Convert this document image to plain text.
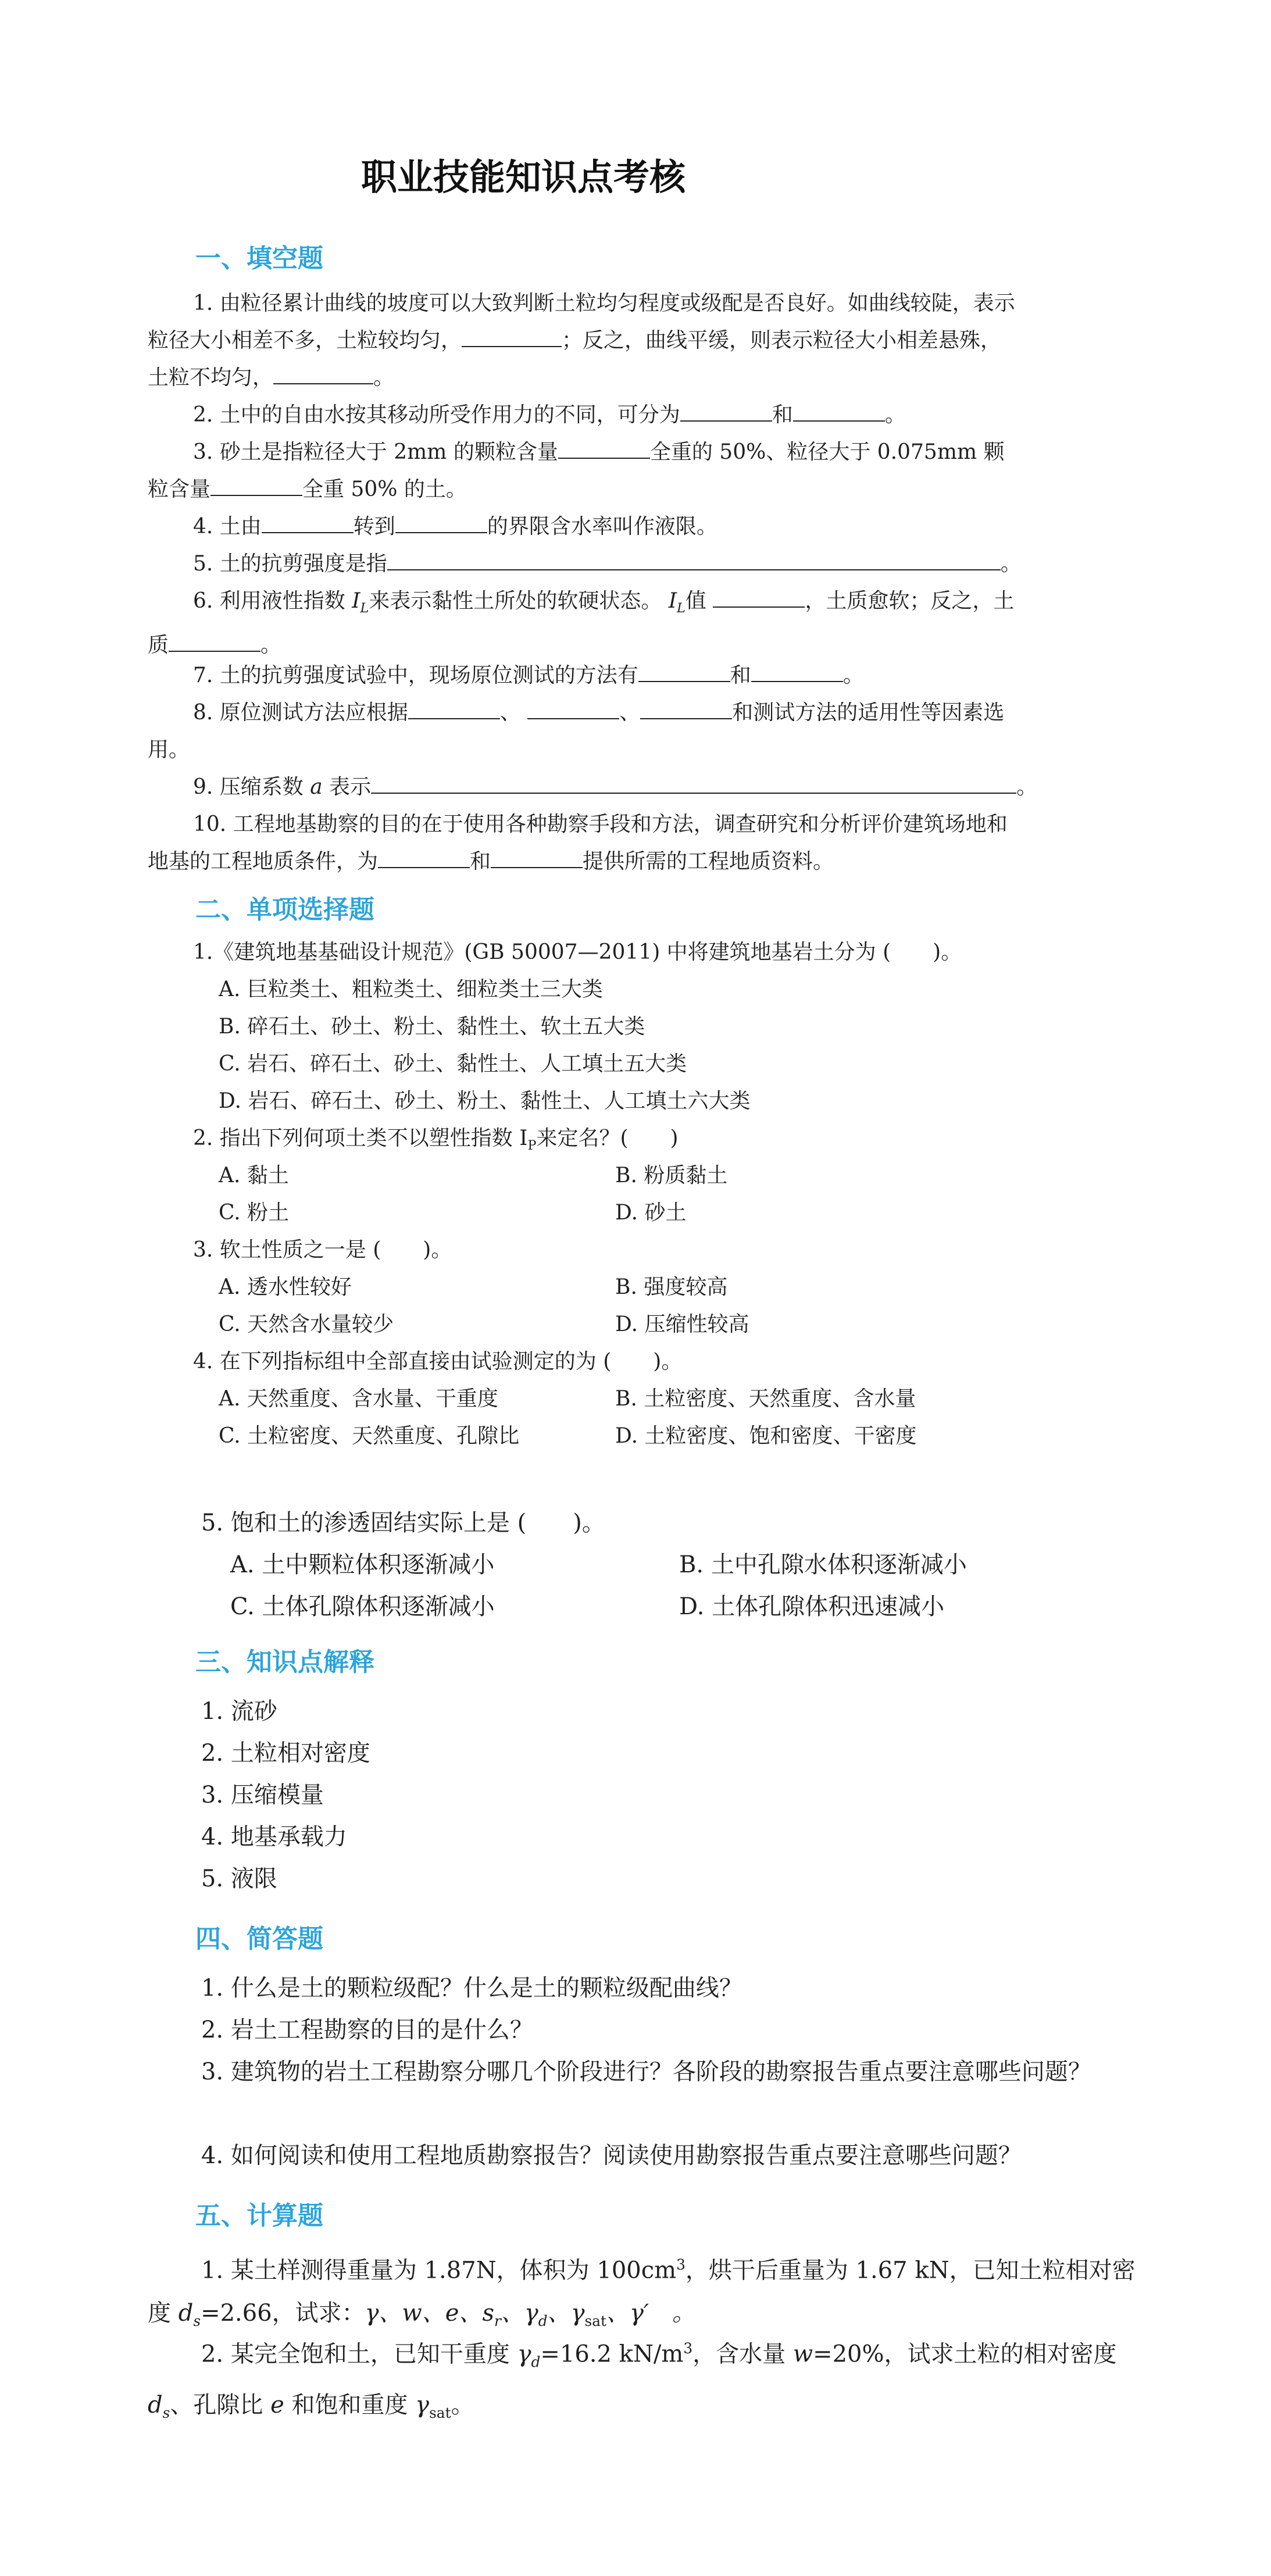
职业技能知识点考核
一、填空题
1. 由粒径累计曲线的坡度可以大致判断土粒均匀程度或级配是否良好。如曲线较陡，表示粒径大小相差不多，土粒较均匀，	；反之，曲线平缓，则表示粒径大小相差悬殊，土粒不均匀，	。
2. 土中的自由水按其移动所受作用力的不同，可分为	和	。
3. 砂土是指粒径大于 2mm 的颗粒含量	全重的 50%、粒径大于 0.075mm 颗粒含量	全重 50% 的土。
4. 土由	转到	的界限含水率叫作液限。
5. 土的抗剪强度是指	。
6. 利用液性指数 $I_L$来表示黏性土所处的软硬状态。 $I_L$值	，土质愈软；反之，土质	。
7. 土的抗剪强度试验中，现场原位测试的方法有	和	。
8. 原位测试方法应根据	、	、	和测试方法的适用性等因素选用。
9. 压缩系数 a 表示	。
10. 工程地基勘察的目的在于使用各种勘察手段和方法，调查研究和分析评价建筑场地和地基的工程地质条件，为	和	提供所需的工程地质资料。
二、单项选择题
1.《建筑地基基础设计规范》(GB 50007—2011) 中将建筑地基岩土分为 (　　)。
A. 巨粒类土、粗粒类土、细粒类土三大类
B. 碎石土、砂土、粉土、黏性土、软土五大类
C. 岩石、碎石土、砂土、黏性土、人工填土五大类
D. 岩石、碎石土、砂土、粉土、黏性土、人工填土六大类
2. 指出下列何项土类不以塑性指数 $I_P$来定名？(　　)
A. 黏土	B. 粉质黏土
C. 粉土	D. 砂土
3. 软土性质之一是 (　　)。
A. 透水性较好	B. 强度较高
C. 天然含水量较少	D. 压缩性较高
4. 在下列指标组中全部直接由试验测定的为 (　　)。
A. 天然重度、含水量、干重度	B. 土粒密度、天然重度、含水量
C. 土粒密度、天然重度、孔隙比	D. 土粒密度、饱和密度、干密度
5. 饱和土的渗透固结实际上是 (　　)。
A. 土中颗粒体积逐渐减小	B. 土中孔隙水体积逐渐减小
C. 土体孔隙体积逐渐减小	D. 土体孔隙体积迅速减小
三、知识点解释
1. 流砂
2. 土粒相对密度
3. 压缩模量
4. 地基承载力
5. 液限
四、简答题
1. 什么是土的颗粒级配？什么是土的颗粒级配曲线？
2. 岩土工程勘察的目的是什么？
3. 建筑物的岩土工程勘察分哪几个阶段进行？各阶段的勘察报告重点要注意哪些问题？
4. 如何阅读和使用工程地质勘察报告？阅读使用勘察报告重点要注意哪些问题？
五、计算题
1. 某土样测得重量为 1.87N，体积为 $100cm^3$，烘干后重量为 1.67 kN，已知土粒相对密度 $d_s=2.66$，试求：γ、w、e、$s_r$、$\gamma_d$、$\gamma_{sat}$、γ′　。
2. 某完全饱和土，已知干重度 $\gamma_d=16.2$ $kN/m^3$，含水量 w=20%，试求土粒的相对密度 $d_s$、孔隙比 e 和饱和重度 $\gamma_{sat}$。
